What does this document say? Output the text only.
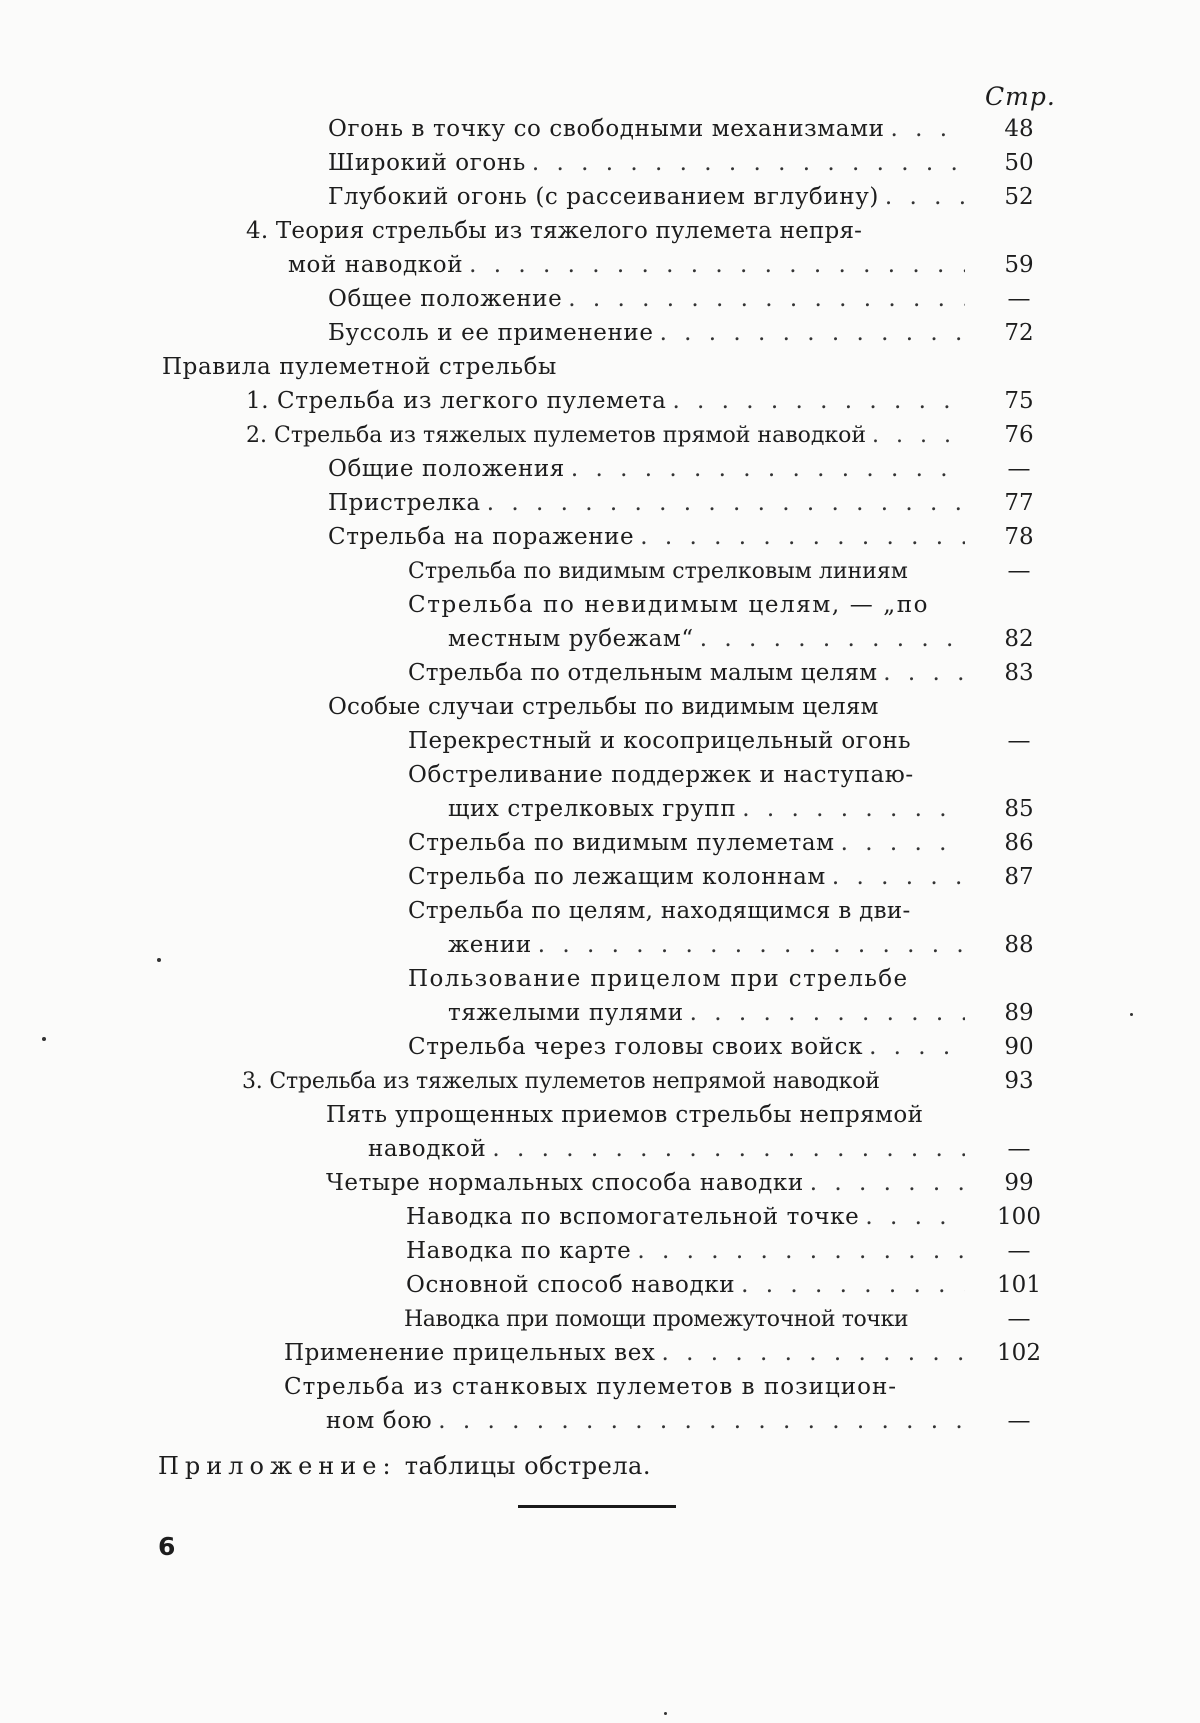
Стр.
Огонь в точку со свободными механизмами
. . .
Широкий огонь
. . .
Глубокий огонь (с рассеиванием вглубину)
. . .
4. Теория стрельбы из тяжелого пулемета непря-
мой наводкой
. . .
Общее положение
. . .
Буссоль и ее применение
. . .
Правила пулеметной стрельбы
1. Стрельба из легкого пулемета
. . .
2. Стрельба из тяжелых пулеметов прямой наводкой
. . .
Общие положения
. . .
Пристрелка
. . .
Стрельба на поражение
. . .
Стрельба по видимым стрелковым линиям
Стрельба по невидимым целям, — „по
местным рубежам“
. . .
Стрельба по отдельным малым целям
. . .
Особые случаи стрельбы по видимым целям
Перекрестный и косоприцельный огонь
Обстреливание поддержек и наступаю-
щих стрелковых групп
. . .
Стрельба по видимым пулеметам
. . .
Стрельба по лежащим колоннам
. . .
Стрельба по целям, находящимся в дви-
жении
. . .
Пользование прицелом при стрельбе
тяжелыми пулями
. . .
Стрельба через головы своих войск
. . .
3. Стрельба из тяжелых пулеметов непрямой наводкой
Пять упрощенных приемов стрельбы непрямой
наводкой
. . .
Четыре нормальных способа наводки
. . .
Наводка по вспомогательной точке
. . .
Наводка по карте
. . .
Основной способ наводки
. . .
Наводка при помощи промежуточной точки
Применение прицельных вех
. . .
Стрельба из станковых пулеметов в позицион-
ном бою
. . .
48
50
52
59
—
72
75
76
—
77
78
—
82
83
—
85
86
87
88
89
90
93
—
99
100
—
101
—
102
—
Приложение: таблицы обстрела.
6
